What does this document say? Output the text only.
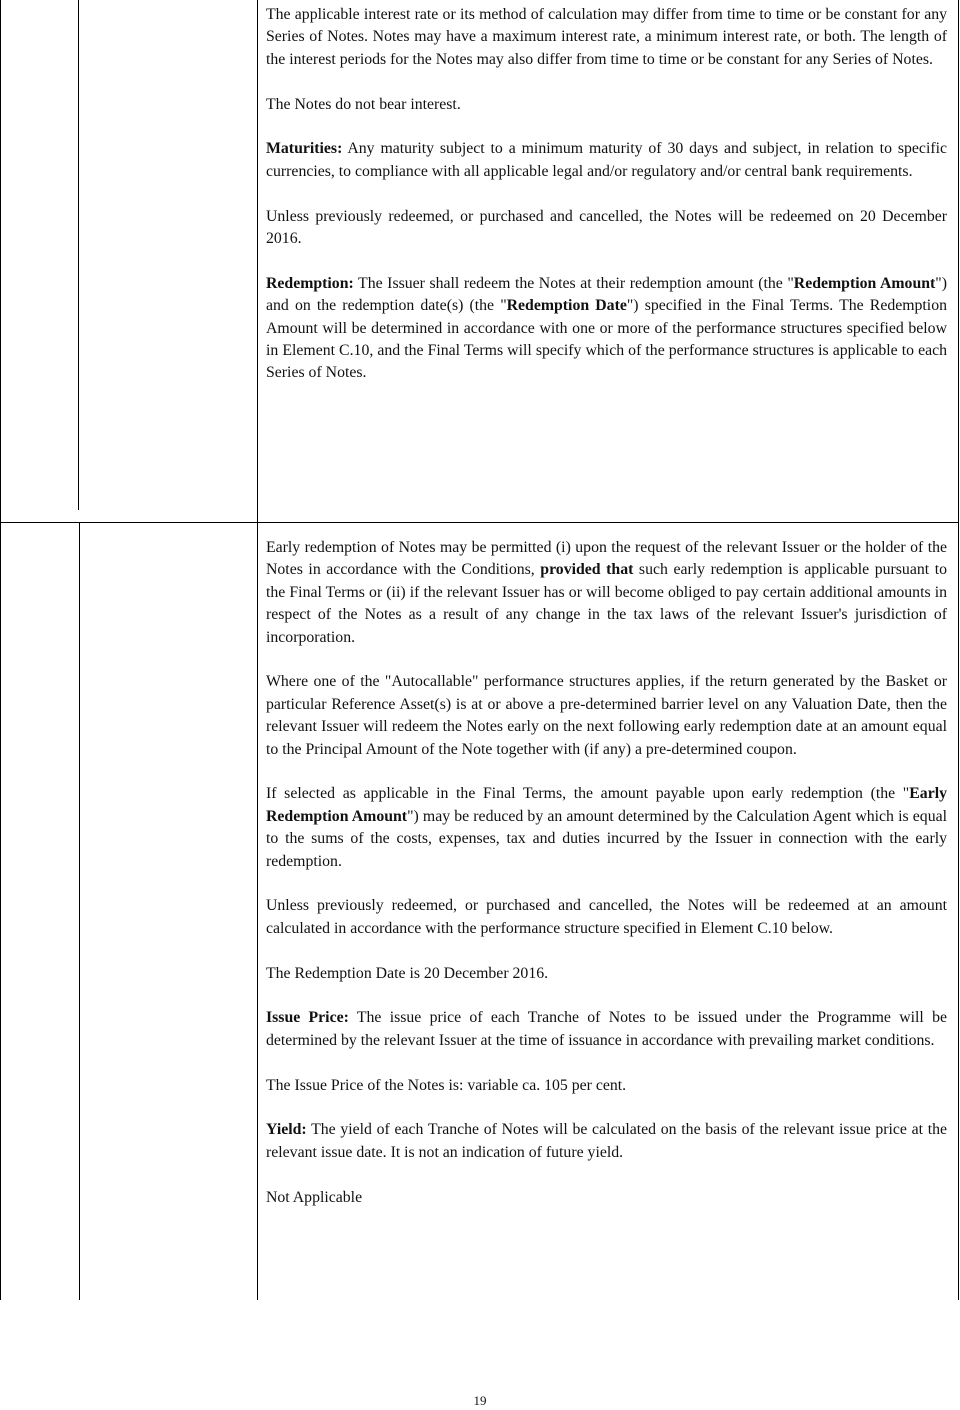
The applicable interest rate or its method of calculation may differ from time to time or be constant for any Series of Notes. Notes may have a maximum interest rate, a minimum interest rate, or both. The length of the interest periods for the Notes may also differ from time to time or be constant for any Series of Notes.

The Notes do not bear interest.

Maturities: Any maturity subject to a minimum maturity of 30 days and subject, in relation to specific currencies, to compliance with all applicable legal and/or regulatory and/or central bank requirements.

Unless previously redeemed, or purchased and cancelled, the Notes will be redeemed on 20 December 2016.

Redemption: The Issuer shall redeem the Notes at their redemption amount (the "Redemption Amount") and on the redemption date(s) (the "Redemption Date") specified in the Final Terms. The Redemption Amount will be determined in accordance with one or more of the performance structures specified below in Element C.10, and the Final Terms will specify which of the performance structures is applicable to each Series of Notes.

Early redemption of Notes may be permitted (i) upon the request of the relevant Issuer or the holder of the Notes in accordance with the Conditions, provided that such early redemption is applicable pursuant to the Final Terms or (ii) if the relevant Issuer has or will become obliged to pay certain additional amounts in respect of the Notes as a result of any change in the tax laws of the relevant Issuer's jurisdiction of incorporation.

Where one of the "Autocallable" performance structures applies, if the return generated by the Basket or particular Reference Asset(s) is at or above a pre-determined barrier level on any Valuation Date, then the relevant Issuer will redeem the Notes early on the next following early redemption date at an amount equal to the Principal Amount of the Note together with (if any) a pre-determined coupon.

If selected as applicable in the Final Terms, the amount payable upon early redemption (the "Early Redemption Amount") may be reduced by an amount determined by the Calculation Agent which is equal to the sums of the costs, expenses, tax and duties incurred by the Issuer in connection with the early redemption.

Unless previously redeemed, or purchased and cancelled, the Notes will be redeemed at an amount calculated in accordance with the performance structure specified in Element C.10 below.

The Redemption Date is 20 December 2016.

Issue Price: The issue price of each Tranche of Notes to be issued under the Programme will be determined by the relevant Issuer at the time of issuance in accordance with prevailing market conditions.

The Issue Price of the Notes is: variable ca. 105 per cent.

Yield: The yield of each Tranche of Notes will be calculated on the basis of the relevant issue price at the relevant issue date. It is not an indication of future yield.

Not Applicable

19
